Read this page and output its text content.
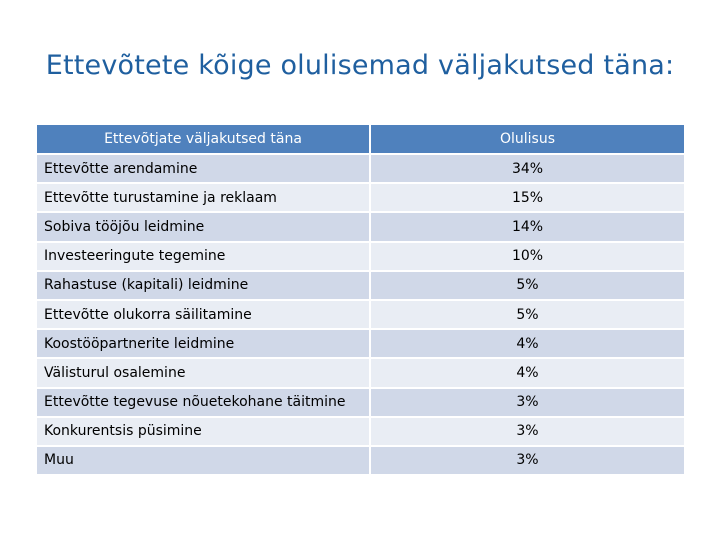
Ettevõtete kõige olulisemad väljakutsed täna:
Ettevõtjate väljakutsed täna	Olulisus
Ettevõtte arendamine	34%
Ettevõtte turustamine ja reklaam	15%
Sobiva tööjõu leidmine	14%
Investeeringute tegemine	10%
Rahastuse (kapitali) leidmine	5%
Ettevõtte olukorra säilitamine	5%
Koostööpartnerite leidmine	4%
Välisturul osalemine	4%
Ettevõtte tegevuse nõuetekohane täitmine	3%
Konkurentsis püsimine	3%
Muu	3%
